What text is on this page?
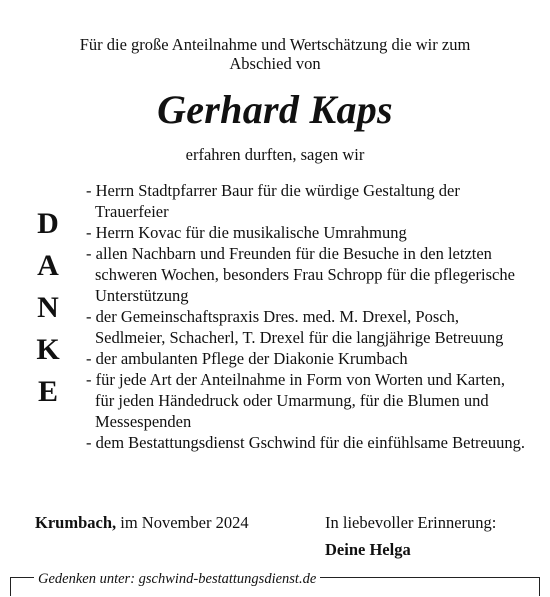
Für die große Anteilnahme und Wertschätzung die wir zum
Abschied von
Gerhard Kaps
erfahren durften, sagen wir
D
A
N
K
E
- Herrn Stadtpfarrer Baur für die würdige Gestaltung der Trauerfeier
- Herrn Kovac für die musikalische Umrahmung
- allen Nachbarn und Freunden für die Besuche in den letzten schweren Wochen, besonders Frau Schropp für die pflegerische Unterstützung
- der Gemeinschaftspraxis Dres. med. M. Drexel, Posch, Sedlmeier, Schacherl, T. Drexel für die langjährige Betreuung
- der ambulanten Pflege der Diakonie Krumbach
- für jede Art der Anteilnahme in Form von Worten und Karten, für jeden Händedruck oder Umarmung, für die Blumen und Messespenden
- dem Bestattungsdienst Gschwind für die einfühlsame Betreuung.
Krumbach, im November 2024	In liebevoller Erinnerung:
Deine Helga
Gedenken unter: gschwind-bestattungsdienst.de
